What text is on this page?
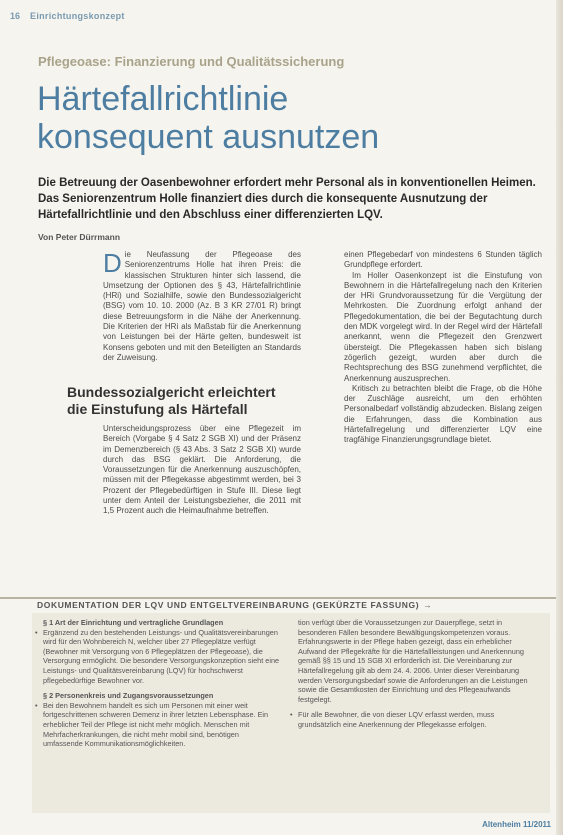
16 Einrichtungskonzept
Pflegeoase: Finanzierung und Qualitätssicherung
Härtefallrichtlinie
konsequent ausnutzen
Die Betreuung der Oasenbewohner erfordert mehr Personal als in konventionellen Heimen. Das Seniorenzentrum Holle finanziert dies durch die konsequente Ausnutzung der Härtefallrichtlinie und den Abschluss einer differenzierten LQV.
Von Peter Dürrmann
D ie Neufassung der Pflegeoase des Seniorenzentrums Holle hat ihren Preis: die klassischen Strukturen hinter sich lassend, die Umsetzung der Optionen des § 43, Härtefallrichtlinie (HRi) und Sozialhilfe, sowie den Bundessozialgericht (BSG) vom 10. 10. 2000 (Az. B 3 KR 27/01 R) bringt diese Betreuungsform in die Nähe der Anerkennung. Die Kriterien der HRi als Maßstab für die Anerkennung von Leistungen bei der Härte gelten, bundesweit ist Konsens geboten und mit den Beteiligten an Standards der Zuweisung.

Bundessozialgericht erleichtert
die Einstufung als Härtefall

Unterscheidungsprozess über eine Pflegezeit im Bereich (Vorgabe § 4 Satz 2 SGB XI) und der Präsenz im Demenzbereich (§ 43 Abs. 3 Satz 2 SGB XI) wurde durch das BSG geklärt. Die Anforderung, die Voraussetzungen für die Anerkennung auszuschöpfen, müssen mit der Pflegekasse abgestimmt werden, bei 3 Prozent der Pflegebedürftigen in Stufe III. Diese liegt unter dem Anteil der Leistungsbezieher, die 2011 mit 1,5 Prozent auch die Heimaufnahme betreffen.

einen Pflegebedarf von mindestens 6 Stunden täglich Grundpflege erfordert.

Im Holler Oasenkonzept ist die Einstufung von Bewohnern in die Härtefallregelung nach den Kriterien der HRi Grundvoraussetzung für die Vergütung der Mehrkosten. Die Zuordnung erfolgt anhand der Pflegedokumentation, die bei der Begutachtung durch den MDK vorgelegt wird. In der Regel wird der Härtefall anerkannt, wenn die Pflegezeit den Grenzwert übersteigt. Die Pflegekassen haben sich bislang zögerlich gezeigt, wurden aber durch die Rechtsprechung des BSG zunehmend verpflichtet, die Anerkennung auszusprechen.

Kritisch zu betrachten bleibt die Frage, ob die Höhe der Zuschläge ausreicht, um den erhöhten Personalbedarf vollständig abzudecken. Bislang zeigen die Erfahrungen, dass die Kombination aus Härtefallregelung und differenzierter LQV eine tragfähige Finanzierungsgrundlage bietet.

DOKUMENTATION DER LQV UND ENTGELTVEREINBARUNG (GEKÜRZTE FASSUNG) →

§ 1 Art der Einrichtung und vertragliche Grundlagen

• Ergänzend zu den bestehenden Leistungs- und Qualitätsvereinbarungen wird für den Wohnbereich N, welcher über 27 Pflegeplätze verfügt (Bewohner mit Versorgung von 6 Pflegeplätzen der Pflegeoase), die Versorgung ermöglicht. Die besondere Versorgungskonzeption sieht eine Leistungs- und Qualitätsvereinbarung (LQV) für hochschwerst pflegebedürftige Bewohner vor.

§ 2 Personenkreis und Zugangsvoraussetzungen

• Bei den Bewohnern handelt es sich um Personen mit einer weit fortgeschrittenen schweren Demenz in ihrer letzten Lebensphase. Ein erheblicher Teil der Pflege ist nicht mehr möglich. Menschen mit Mehrfacherkrankungen, die nicht mehr mobil sind, benötigen umfassende Kommunikationsmöglichkeiten.

tion verfügt über die Voraussetzungen zur Dauerpflege, setzt in besonderen Fällen besondere Bewältigungskompetenzen voraus. Erfahrungswerte in der Pflege haben gezeigt, dass ein erheblicher Aufwand der Pflegekräfte für die Härtefallleistungen und Anerkennung gemäß §§ 15 und 15 SGB XI erforderlich ist. Die Vereinbarung zur Härtefallregelung gilt ab dem 24. 4. 2006. Unter dieser Vereinbarung werden Versorgungsbedarf sowie die Anforderungen an die Leistungen sowie die Gesamtkosten der Einrichtung und des Pflegeaufwands festgelegt.

• Für alle Bewohner, die von dieser LQV erfasst werden, muss grundsätzlich eine Anerkennung der Pflegekasse erfolgen.

Altenheim 11/2011
